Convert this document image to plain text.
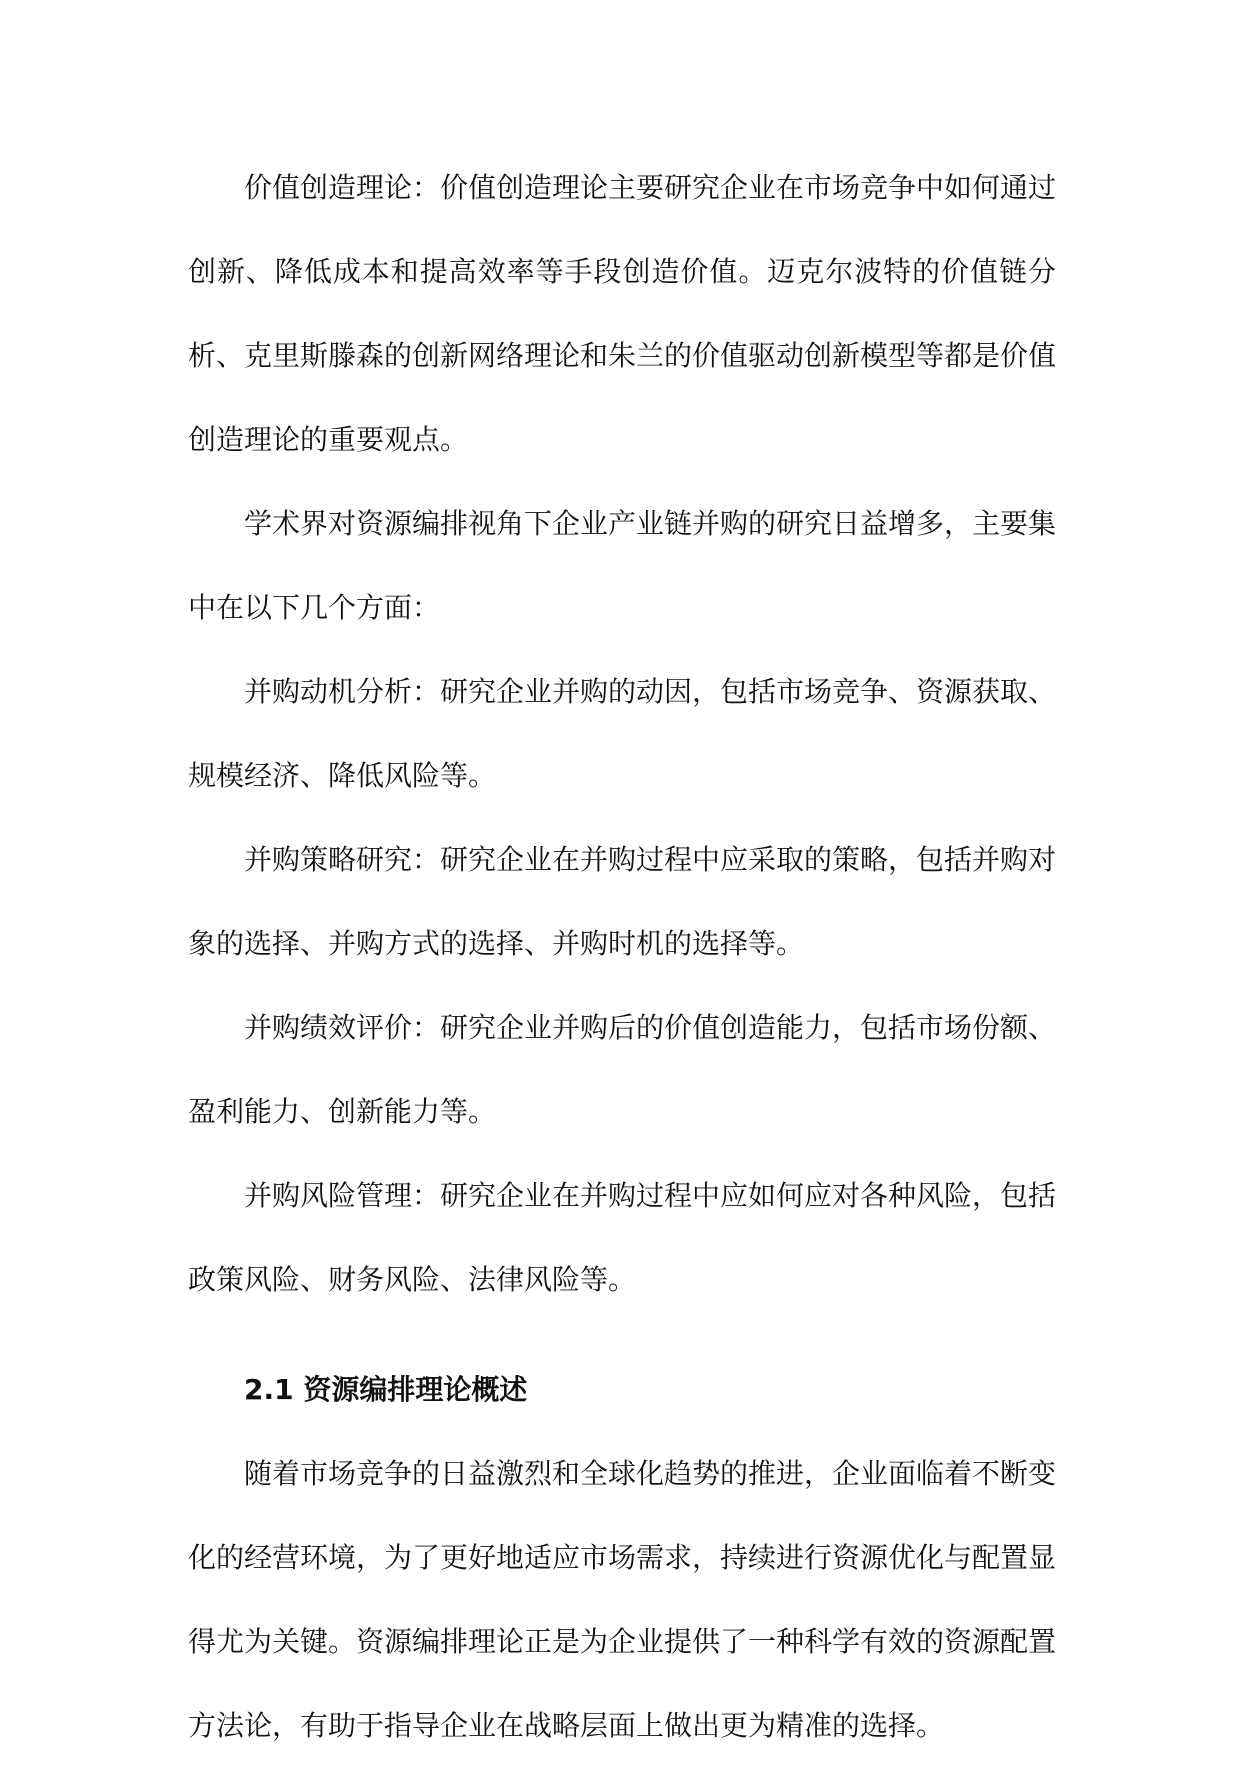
价值创造理论：价值创造理论主要研究企业在市场竞争中如何通过创新、降低成本和提高效率等手段创造价值。迈克尔波特的价值链分析、克里斯滕森的创新网络理论和朱兰的价值驱动创新模型等都是价值创造理论的重要观点。

学术界对资源编排视角下企业产业链并购的研究日益增多，主要集中在以下几个方面：

并购动机分析：研究企业并购的动因，包括市场竞争、资源获取、规模经济、降低风险等。

并购策略研究：研究企业在并购过程中应采取的策略，包括并购对象的选择、并购方式的选择、并购时机的选择等。

并购绩效评价：研究企业并购后的价值创造能力，包括市场份额、盈利能力、创新能力等。

并购风险管理：研究企业在并购过程中应如何应对各种风险，包括政策风险、财务风险、法律风险等。

2.1 资源编排理论概述

随着市场竞争的日益激烈和全球化趋势的推进，企业面临着不断变化的经营环境，为了更好地适应市场需求，持续进行资源优化与配置显得尤为关键。资源编排理论正是为企业提供了一种科学有效的资源配置方法论，有助于指导企业在战略层面上做出更为精准的选择。
